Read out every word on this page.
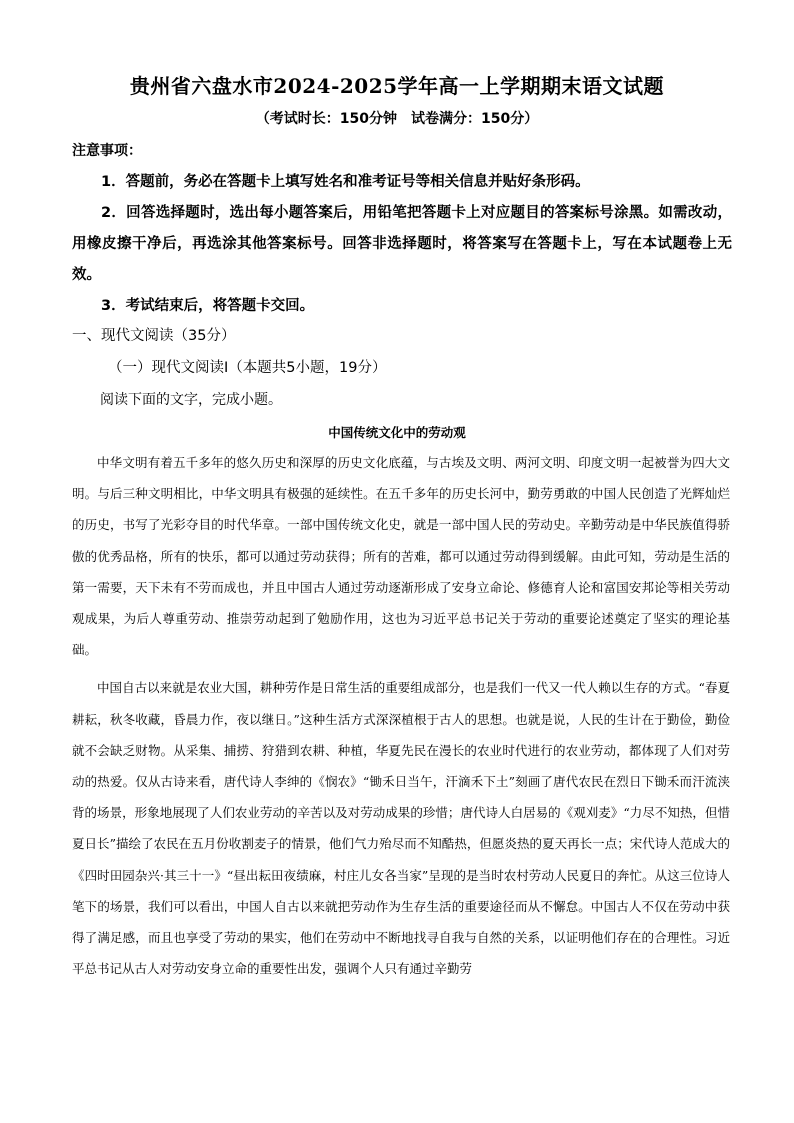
贵州省六盘水市2024-2025学年高一上学期期末语文试题
（考试时长：150分钟　试卷满分：150分）
注意事项：

1．答题前，务必在答题卡上填写姓名和准考证号等相关信息并贴好条形码。

2．回答选择题时，选出每小题答案后，用铅笔把答题卡上对应题目的答案标号涂黑。如需改动，用橡皮擦干净后，再选涂其他答案标号。回答非选择题时，将答案写在答题卡上，写在本试题卷上无效。

3．考试结束后，将答题卡交回。

一、现代文阅读（35分）
（一）现代文阅读Ⅰ（本题共5小题，19分）
阅读下面的文字，完成小题。
中国传统文化中的劳动观

中华文明有着五千多年的悠久历史和深厚的历史文化底蕴，与古埃及文明、两河文明、印度文明一起被誉为四大文明。与后三种文明相比，中华文明具有极强的延续性。在五千多年的历史长河中，勤劳勇敢的中国人民创造了光辉灿烂的历史，书写了光彩夺目的时代华章。一部中国传统文化史，就是一部中国人民的劳动史。辛勤劳动是中华民族值得骄傲的优秀品格，所有的快乐，都可以通过劳动获得；所有的苦难，都可以通过劳动得到缓解。由此可知，劳动是生活的第一需要，天下未有不劳而成也，并且中国古人通过劳动逐渐形成了安身立命论、修德育人论和富国安邦论等相关劳动观成果，为后人尊重劳动、推崇劳动起到了勉励作用，这也为习近平总书记关于劳动的重要论述奠定了坚实的理论基础。

中国自古以来就是农业大国，耕种劳作是日常生活的重要组成部分，也是我们一代又一代人赖以生存的方式。“春夏耕耘，秋冬收藏，昏晨力作，夜以继日。”这种生活方式深深植根于古人的思想。也就是说，人民的生计在于勤俭，勤俭就不会缺乏财物。从采集、捕捞、狩猎到农耕、种植，华夏先民在漫长的农业时代进行的农业劳动，都体现了人们对劳动的热爱。仅从古诗来看，唐代诗人李绅的《悯农》“锄禾日当午，汗滴禾下土”刻画了唐代农民在烈日下锄禾而汗流浃背的场景，形象地展现了人们农业劳动的辛苦以及对劳动成果的珍惜；唐代诗人白居易的《观刈麦》“力尽不知热，但惜夏日长”描绘了农民在五月份收割麦子的情景，他们气力殆尽而不知酷热，但愿炎热的夏天再长一点；宋代诗人范成大的《四时田园杂兴·其三十一》“昼出耘田夜绩麻，村庄儿女各当家”呈现的是当时农村劳动人民夏日的奔忙。从这三位诗人笔下的场景，我们可以看出，中国人自古以来就把劳动作为生存生活的重要途径而从不懈怠。中国古人不仅在劳动中获得了满足感，而且也享受了劳动的果实，他们在劳动中不断地找寻自我与自然的关系，以证明他们存在的合理性。习近平总书记从古人对劳动安身立命的重要性出发，强调个人只有通过辛勤劳
